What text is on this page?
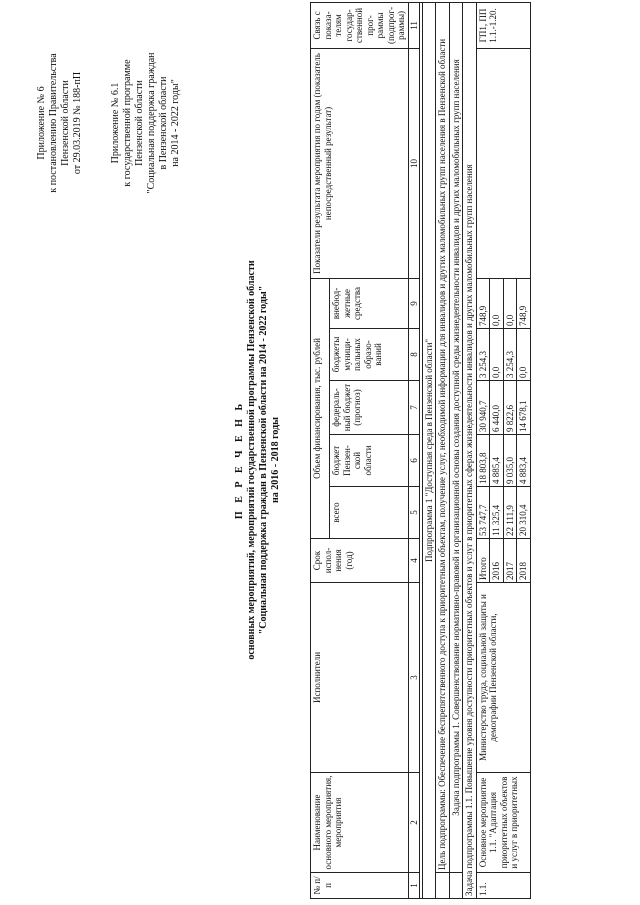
Приложение № 6 к постановлению Правительства Пензенской области от 29.03.2019 № 188-пП	Приложение № 6.1 к государственной программе Пензенской области "Социальная поддержка граждан в Пензенской области на 2014 - 2022 годы"
П Е Р Е Ч Е Н Ь основных мероприятий, мероприятий государственной программы Пензенской области "Социальная поддержка граждан в Пензенской области на 2014 - 2022 годы" на 2016 - 2018 годы
№ п/п	Наименование основного мероприятия, мероприятия	Исполнители	Срок испол-нения (год)	Объем финансирования, тыс. рублей					Показатели результата мероприятия по годам (показатель непосредственный результат)	Связь с показа-телям государ-ственной прог-раммы (подпрог-раммы)
				всего	бюджет Пензен-ской области	федераль-ный бюджет (прогноз)	бюджеты муници-пальных образо-ваний	внебюд-жетные средства		
1	2	3	4	5	6	7	8	9	10	11

Подпрограмма 1 "Доступная среда в Пензенской области"										
	Цель подпрограммы: Обеспечение беспрепятственного доступа к приоритетным объектам, получение услуг, необходимой информации для инвалидов и других маломобильных групп населения в Пензенской области									
	Задача подпрограммы 1. Совершенствование нормативно-правовой и организационной основы создания доступной среды жизнедеятельности инвалидов и других маломобильных групп населения									
Задача подпрограммы 1.1. Повышение уровня доступности приоритетных объектов и услуг в приоритетных сферах жизнедеятельности инвалидов и других маломобильных групп населения										
1.1.	Основное мероприятие 1.1. "Адаптация приоритетных объектов и услуг в приоритетных	Министерство труда, социальной защиты и демографии Пензенской области,	Итого	53 747,7	18 803,8	30 940,7	3 254,3	748,9		ГП1, ПП 1.1.-1.20.
			2016	11 325,4	4 885,4	6 440,0	0,0	0,0		
			2017	22 111,9	9 035,0	9 822,6	3 254,3	0,0		
			2018	20 310,4	4 883,4	14 678,1	0,0	748,9		
